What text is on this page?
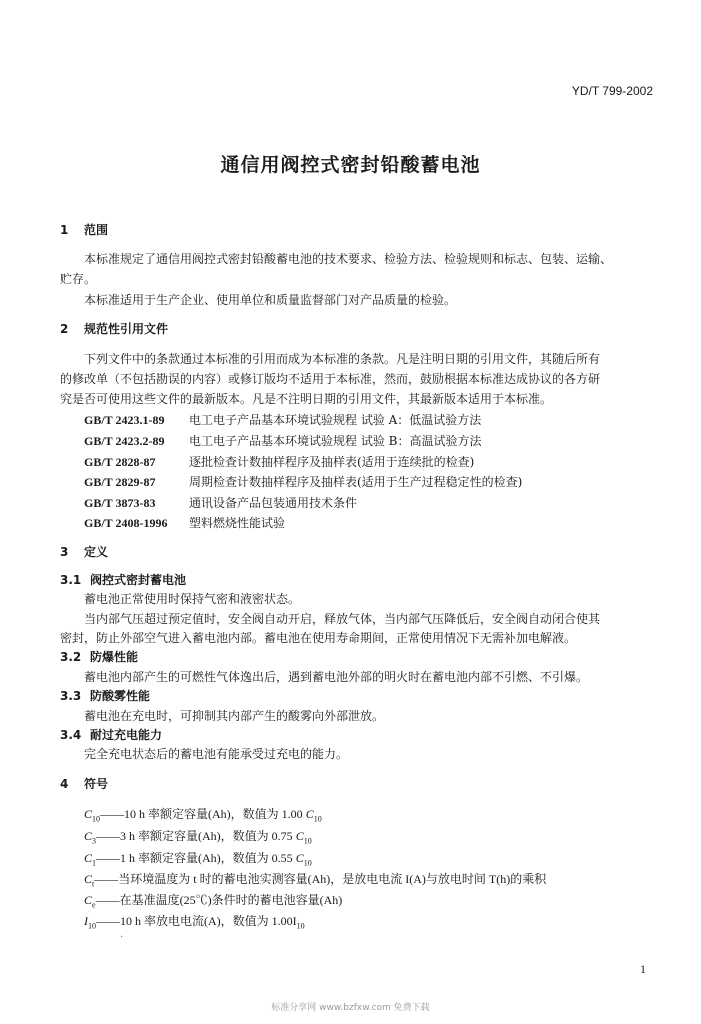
YD/T 799-2002
通信用阀控式密封铅酸蓄电池
1 范围
本标准规定了通信用阀控式密封铅酸蓄电池的技术要求、检验方法、检验规则和标志、包装、运输、
贮存。
本标准适用于生产企业、使用单位和质量监督部门对产品质量的检验。
2 规范性引用文件
下列文件中的条款通过本标准的引用而成为本标准的条款。凡是注明日期的引用文件，其随后所有
的修改单（不包括勘误的内容）或修订版均不适用于本标准，然而，鼓励根据本标准达成协议的各方研
究是否可使用这些文件的最新版本。凡是不注明日期的引用文件，其最新版本适用于本标准。
GB/T 2423.1-89 电工电子产品基本环境试验规程 试验 A：低温试验方法
GB/T 2423.2-89 电工电子产品基本环境试验规程 试验 B：高温试验方法
GB/T 2828-87	逐批检查计数抽样程序及抽样表(适用于连续批的检查)
GB/T 2829-87	周期检查计数抽样程序及抽样表(适用于生产过程稳定性的检查)
GB/T 3873-83	通讯设备产品包装通用技术条件
GB/T 2408-1996 塑料燃烧性能试验
3 定义
3.1 阀控式密封蓄电池
蓄电池正常使用时保持气密和液密状态。
当内部气压超过预定值时，安全阀自动开启，释放气体，当内部气压降低后，安全阀自动闭合使其
密封，防止外部空气进入蓄电池内部。蓄电池在使用寿命期间，正常使用情况下无需补加电解液。
3.2 防爆性能
蓄电池内部产生的可燃性气体逸出后，遇到蓄电池外部的明火时在蓄电池内部不引燃、不引爆。
3.3 防酸雾性能
蓄电池在充电时，可抑制其内部产生的酸雾向外部泄放。
3.4 耐过充电能力
完全充电状态后的蓄电池有能承受过充电的能力。
4 符号
$C_{10}——10$ h 率额定容量(Ah)，数值为 1.00 $C_{10}$
$C_3——3$ h 率额定容量(Ah)，数值为 0.75 $C_{10}$
$C_1——1$ h 率额定容量(Ah)，数值为 0.55 $C_{10}$
$C_t——$当环境温度为 t 时的蓄电池实测容量(Ah)，是放电电流 I(A)与放电时间 T(h)的乘积
$C_e——$在基准温度(25℃)条件时的蓄电池容量(Ah)
$I_{10}——10$ h 率放电电流(A)，数值为 $1.00I_{10}$
·
1
标准分享网 www.bzfxw.com 免费下载
